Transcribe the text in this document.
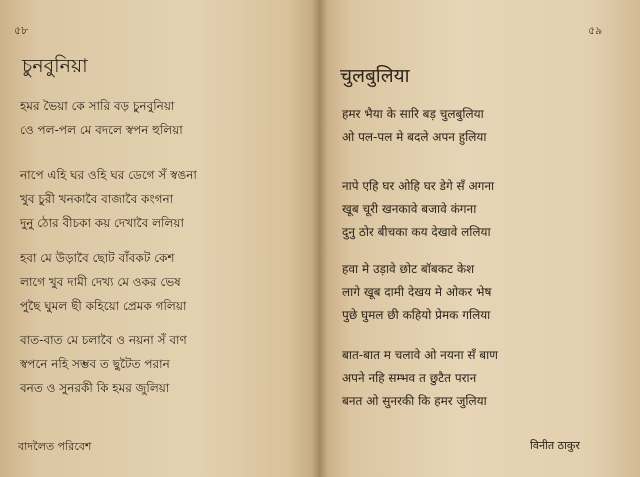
৫৮
চুনবুনিয়া
হমর ভৈয়া কে সারি বড় চুনবুনিয়া
ওে পল-পল মে বদলে স্বপন হুলিয়া
নাপে এহি ঘর ওহি ঘর ডেগে সঁ স্বঙনা
খুব চুরী খনকাবৈ বাজাবৈ কংগনা
দুনু ঠোর বীচকা কয় দেখাবৈ ললিয়া
হবা মে উড়াবৈ ছোট বাঁবকট কেশ
লাগে খুব দামী দেখ্য মে ওকর ভেষ
পুছৈ ঘুমল ছী কহিয়ো প্রেমক গলিয়া
বাত-বাত মে চলাবৈ ও নয়না সঁ বাণ
স্বপনে নহি সম্ভব ত ছুটৈত পরান
বনত ও সুনরকী কি হমর জুলিয়া
বাদলৈত পরিবেশ
৫৯
चुलबुलिया
हमर भैया के सारि बड़ चुलबुलिया
ओ पल-पल मे बदले अपन हुलिया
नापे एहि घर ओहि घर डेगे सँ अगना
खूब चूरी खनकावे बजावे कंगना
दुनु ठोर बीचका कय देखावे ललिया
हवा मे उड़ावे छोट बॉबकट केश
लागे खूब दामी देखय मे ओकर भेष
पुछे घुमल छी कहियो प्रेमक गलिया
बात-बात म चलावे ओ नयना सँ बाण
अपने नहि सम्भव त छुटैत परान
बनत ओ सुनरकी कि हमर जुलिया
विनीत ठाकुर
